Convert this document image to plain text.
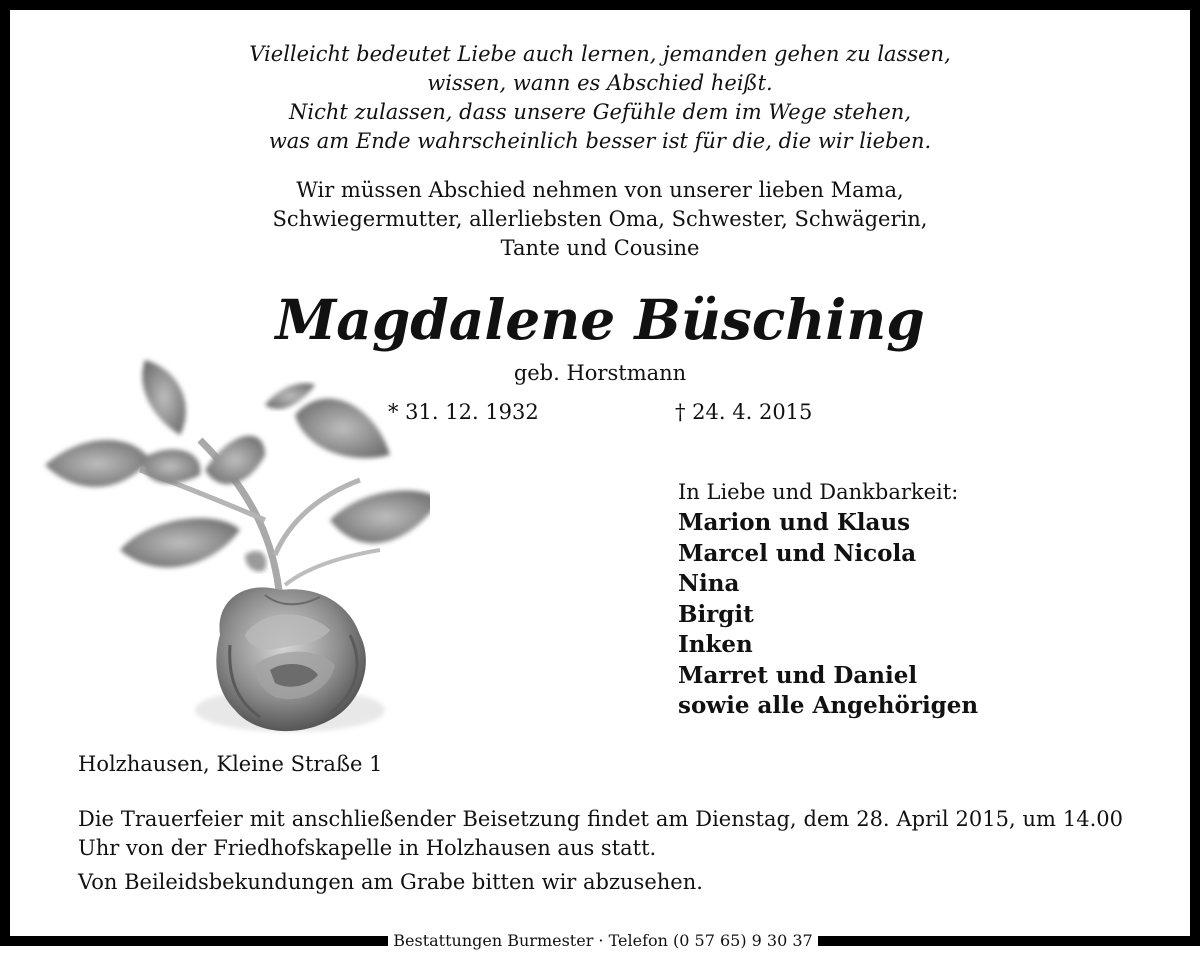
Vielleicht bedeutet Liebe auch lernen, jemanden gehen zu lassen,
wissen, wann es Abschied heißt.
Nicht zulassen, dass unsere Gefühle dem im Wege stehen,
was am Ende wahrscheinlich besser ist für die, die wir lieben.
Wir müssen Abschied nehmen von unserer lieben Mama,
Schwiegermutter, allerliebsten Oma, Schwester, Schwägerin,
Tante und Cousine
Magdalene Büsching
geb. Horstmann
* 31. 12. 1932	† 24. 4. 2015
In Liebe und Dankbarkeit:
Marion und Klaus
Marcel und Nicola
Nina
Birgit
Inken
Marret und Daniel
sowie alle Angehörigen
Holzhausen, Kleine Straße 1
Die Trauerfeier mit anschließender Beisetzung findet am Dienstag, dem 28. April 2015, um 14.00 Uhr von der Friedhofskapelle in Holzhausen aus statt.
Von Beileidsbekundungen am Grabe bitten wir abzusehen.
Bestattungen Burmester · Telefon (0 57 65) 9 30 37
